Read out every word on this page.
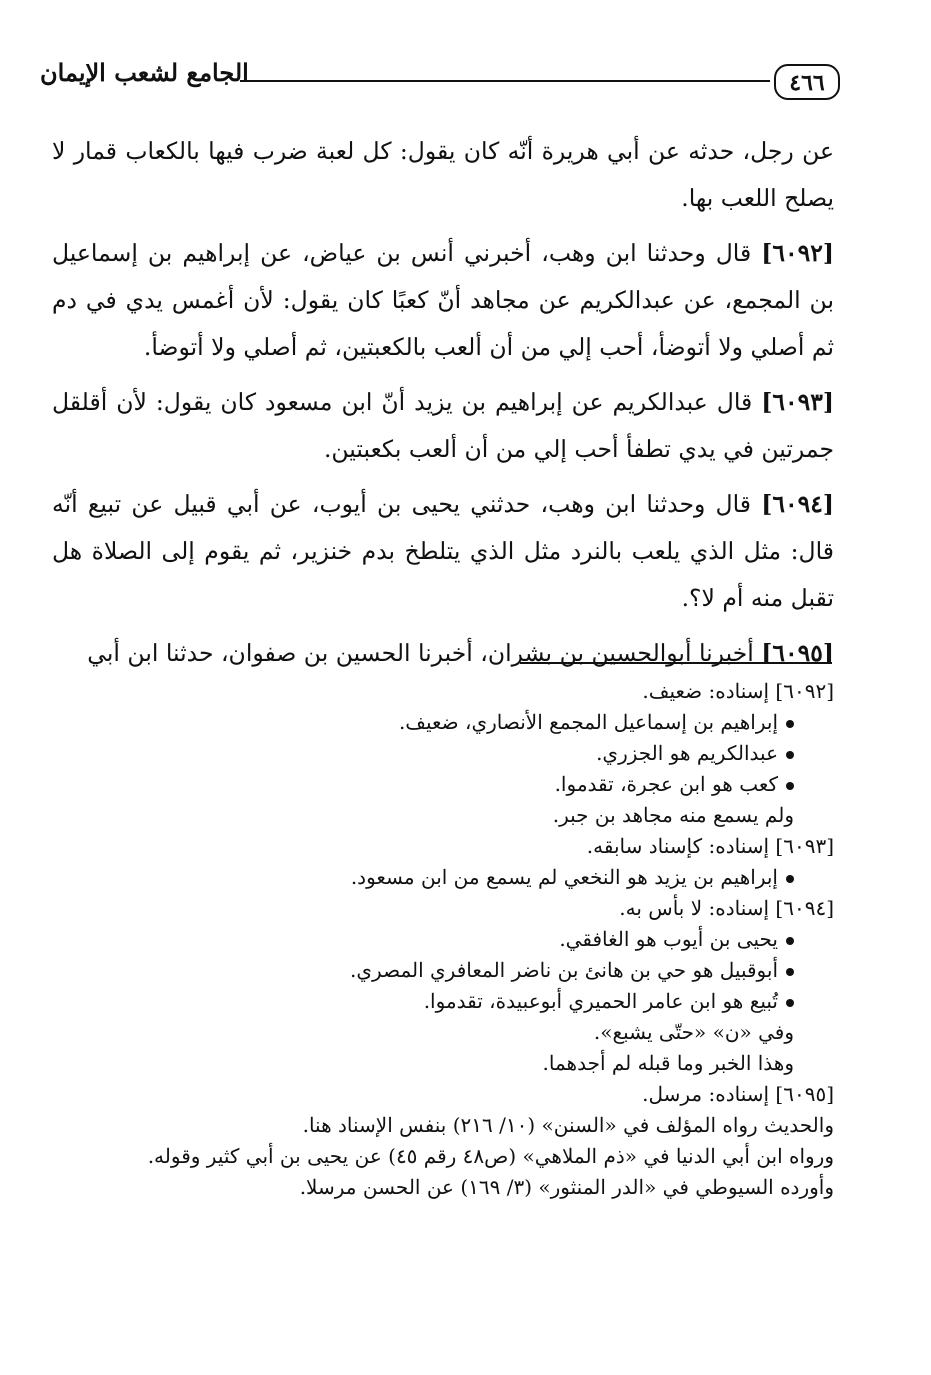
٤٦٦
الجامع لشعب الإيمان

عن رجل، حدثه عن أبي هريرة أنّه كان يقول: كل لعبة ضرب فيها بالكعاب قمار لا يصلح اللعب بها.

[٦٠٩٢] قال وحدثنا ابن وهب، أخبرني أنس بن عياض، عن إبراهيم بن إسماعيل بن المجمع، عن عبدالكريم عن مجاهد أنّ كعبًا كان يقول: لأن أغمس يدي في دم ثم أصلي ولا أتوضأ، أحب إلي من أن ألعب بالكعبتين، ثم أصلي ولا أتوضأ.

[٦٠٩٣] قال عبدالكريم عن إبراهيم بن يزيد أنّ ابن مسعود كان يقول: لأن أقلقل جمرتين في يدي تطفأ أحب إلي من أن ألعب بكعبتين.

[٦٠٩٤] قال وحدثنا ابن وهب، حدثني يحيى بن أيوب، عن أبي قبيل عن تبيع أنّه قال: مثل الذي يلعب بالنرد مثل الذي يتلطخ بدم خنزير، ثم يقوم إلى الصلاة هل تقبل منه أم لا؟.

[٦٠٩٥] أخبرنا أبوالحسين بن بشران، أخبرنا الحسين بن صفوان، حدثنا ابن أبي

[٦٠٩٢] إسناده: ضعيف.

إبراهيم بن إسماعيل المجمع الأنصاري، ضعيف.

عبدالكريم هو الجزري.

كعب هو ابن عجرة، تقدموا.

ولم يسمع منه مجاهد بن جبر.

[٦٠٩٣] إسناده: كإسناد سابقه.

إبراهيم بن يزيد هو النخعي لم يسمع من ابن مسعود.

[٦٠٩٤] إسناده: لا بأس به.

يحيى بن أيوب هو الغافقي.

أبوقبيل هو حي بن هانئ بن ناضر المعافري المصري.

تُبيع هو ابن عامر الحميري أبوعبيدة، تقدموا.

وفي «ن» «حتّى يشبع».

وهذا الخبر وما قبله لم أجدهما.

[٦٠٩٥] إسناده: مرسل.

والحديث رواه المؤلف في «السنن» (١٠/ ٢١٦) بنفس الإسناد هنا.

ورواه ابن أبي الدنيا في «ذم الملاهي» (ص٤٨ رقم ٤٥) عن يحيى بن أبي كثير وقوله.

وأورده السيوطي في «الدر المنثور» (٣/ ١٦٩) عن الحسن مرسلا.
